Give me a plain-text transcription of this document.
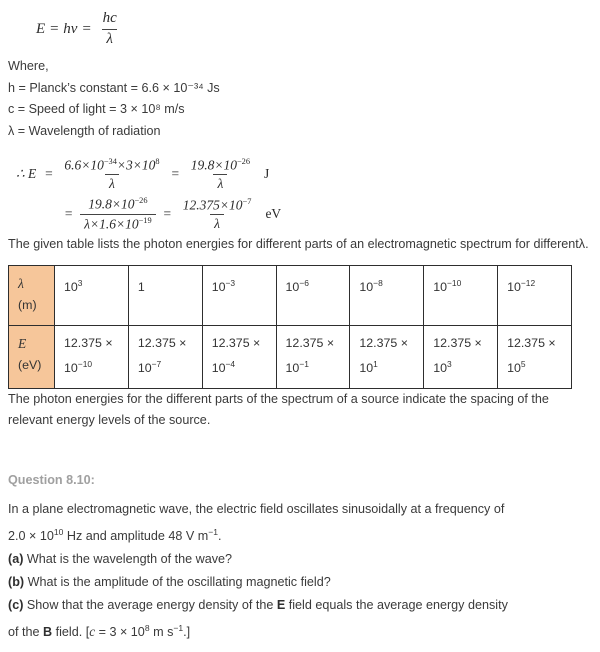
$E = h\nu = \frac{hc}{\lambda}$

Where,

h = Planck’s constant = 6.6 × 10⁻³⁴ Js

c = Speed of light = 3 × 10⁸ m/s

λ = Wavelength of radiation

∴ $E = \frac{6.6\times 10^{-34}\times 3\times 10^8}{\lambda} = \frac{19.8\times 10^{-26}}{\lambda}$ J
= $\frac{19.8\times 10^{-26}}{\lambda\times 1.6\times 10^{-19}} = \frac{12.375\times 10^{-7}}{\lambda}$ eV

The given table lists the photon energies for different parts of an electromagnetic spectrum for differentλ.

λ
(m)	$10^3$	1	$10^{-3}$	$10^{-6}$	$10^{-8}$	$10^{-10}$	$10^{-12}$
E
(eV)	$12.375 \times 10^{-10}$	$12.375 \times 10^{-7}$	$12.375 \times 10^{-4}$	$12.375 \times 10^{-1}$	$12.375 \times 10^1$	$12.375 \times 10^3$	$12.375 \times 10^5$

The photon energies for the different parts of the spectrum of a source indicate the spacing of the relevant energy levels of the source.

Question 8.10:

In a plane electromagnetic wave, the electric field oscillates sinusoidally at a frequency of

$2.0 \times 10^{10}$ Hz and amplitude 48 V $m^{-1}$.

(a) What is the wavelength of the wave?

(b) What is the amplitude of the oscillating magnetic field?

(c) Show that the average energy density of the E field equals the average energy density

of the B field. [$c = 3 \times 10^8$ m $s^{-1}$.]
